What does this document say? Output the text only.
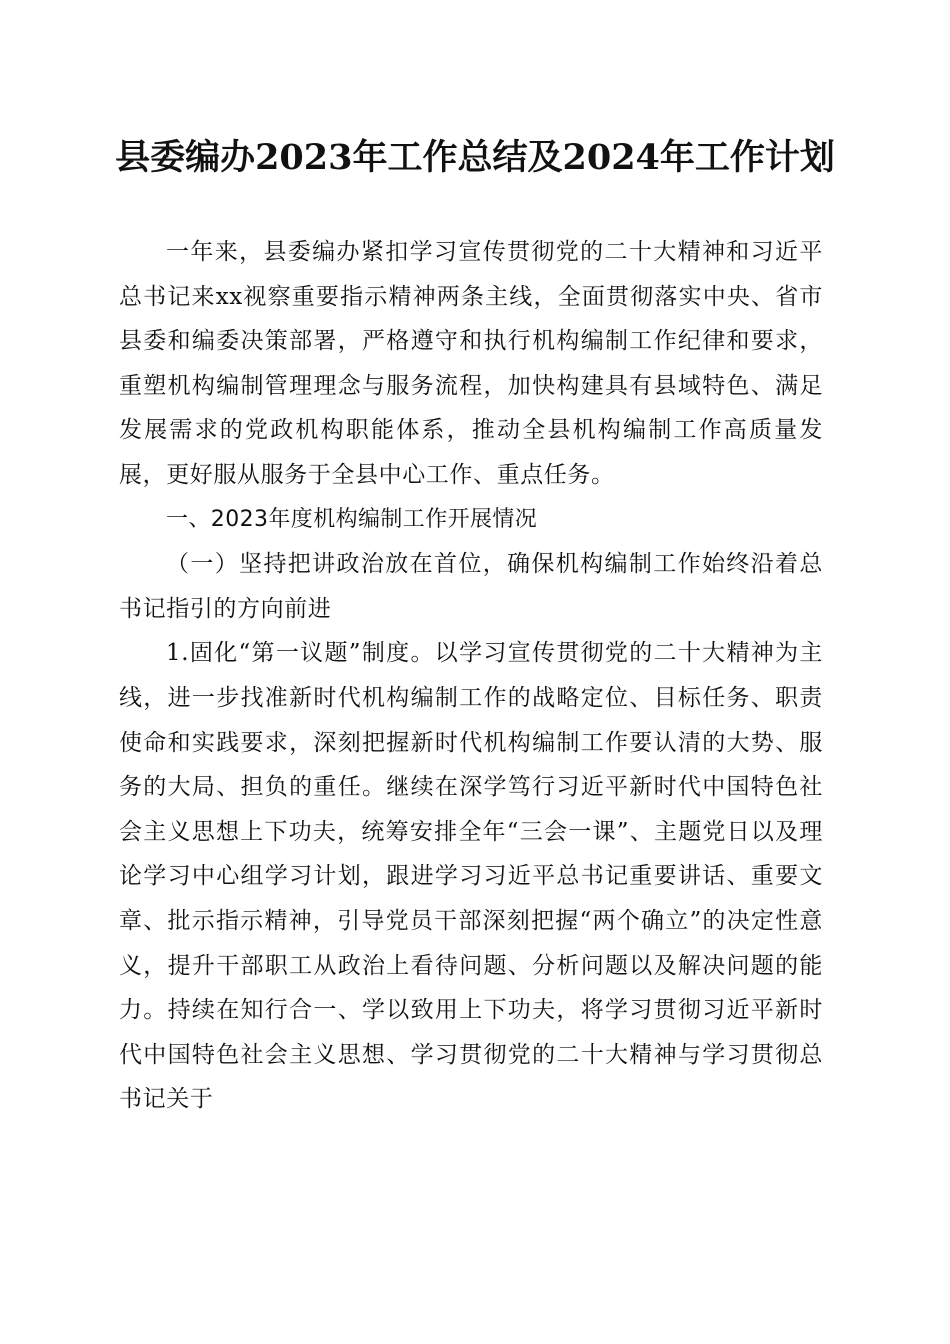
县委编办2023年工作总结及2024年工作计划

一年来，县委编办紧扣学习宣传贯彻党的二十大精神和习近平总书记来xx视察重要指示精神两条主线，全面贯彻落实中央、省市县委和编委决策部署，严格遵守和执行机构编制工作纪律和要求，重塑机构编制管理理念与服务流程，加快构建具有县域特色、满足发展需求的党政机构职能体系，推动全县机构编制工作高质量发展，更好服从服务于全县中心工作、重点任务。

一、2023年度机构编制工作开展情况

（一）坚持把讲政治放在首位，确保机构编制工作始终沿着总书记指引的方向前进

1.固化“第一议题”制度。以学习宣传贯彻党的二十大精神为主线，进一步找准新时代机构编制工作的战略定位、目标任务、职责使命和实践要求，深刻把握新时代机构编制工作要认清的大势、服务的大局、担负的重任。继续在深学笃行习近平新时代中国特色社会主义思想上下功夫，统筹安排全年“三会一课”、主题党日以及理论学习中心组学习计划，跟进学习习近平总书记重要讲话、重要文章、批示指示精神，引导党员干部深刻把握“两个确立”的决定性意义，提升干部职工从政治上看待问题、分析问题以及解决问题的能力。持续在知行合一、学以致用上下功夫，将学习贯彻习近平新时代中国特色社会主义思想、学习贯彻党的二十大精神与学习贯彻总书记关于
